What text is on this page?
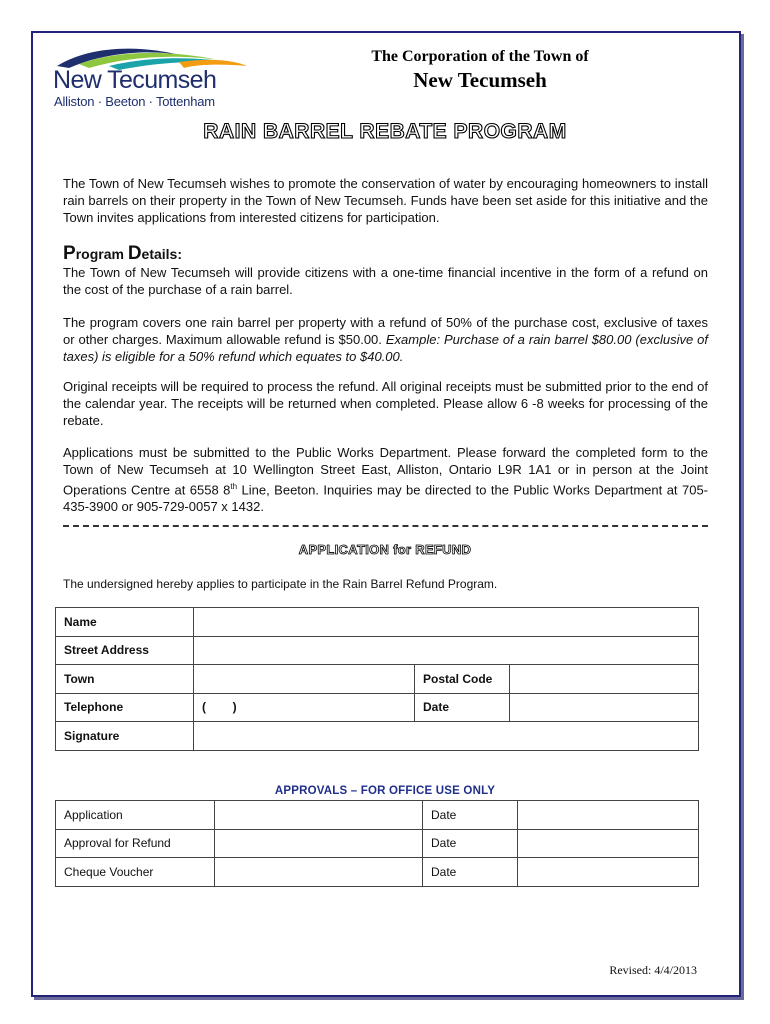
New Tecumseh
Alliston · Beeton · Tottenham
The Corporation of the Town of
New Tecumseh
RAIN BARREL REBATE PROGRAM
The Town of New Tecumseh wishes to promote the conservation of water by encouraging homeowners to install rain barrels on their property in the Town of New Tecumseh. Funds have been set aside for this initiative and the Town invites applications from interested citizens for participation.
Program Details:
The Town of New Tecumseh will provide citizens with a one-time financial incentive in the form of a refund on the cost of the purchase of a rain barrel.
The program covers one rain barrel per property with a refund of 50% of the purchase cost, exclusive of taxes or other charges. Maximum allowable refund is $50.00. Example: Purchase of a rain barrel $80.00 (exclusive of taxes) is eligible for a 50% refund which equates to $40.00.
Original receipts will be required to process the refund. All original receipts must be submitted prior to the end of the calendar year. The receipts will be returned when completed. Please allow 6 -8 weeks for processing of the rebate.
Applications must be submitted to the Public Works Department. Please forward the completed form to the Town of New Tecumseh at 10 Wellington Street East, Alliston, Ontario L9R 1A1 or in person at the Joint Operations Centre at 6558 8th Line, Beeton. Inquiries may be directed to the Public Works Department at 705-435-3900 or 905-729-0057 x 1432.
APPLICATION for REFUND
The undersigned hereby applies to participate in the Rain Barrel Refund Program.
Name			
Street Address			
Town		Postal Code	
Telephone	(        )	Date	
Signature			
APPROVALS – FOR OFFICE USE ONLY
Application		Date	
Approval for Refund		Date	
Cheque Voucher		Date	
Revised: 4/4/2013
